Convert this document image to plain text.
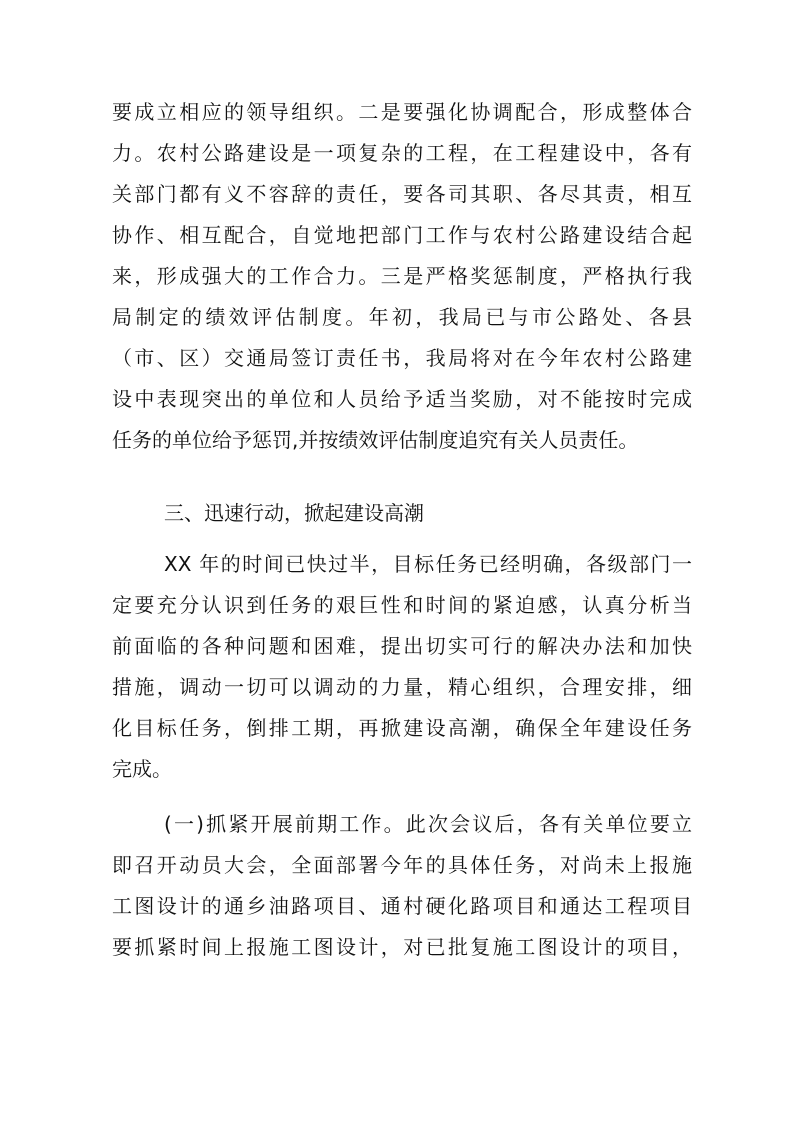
要成立相应的领导组织。二是要强化协调配合，形成整体合
力。农村公路建设是一项复杂的工程，在工程建设中，各有
关部门都有义不容辞的责任，要各司其职、各尽其责，相互
协作、相互配合，自觉地把部门工作与农村公路建设结合起
来，形成强大的工作合力。三是严格奖惩制度，严格执行我
局制定的绩效评估制度。年初，我局已与市公路处、各县
（市、区）交通局签订责任书，我局将对在今年农村公路建
设中表现突出的单位和人员给予适当奖励，对不能按时完成
任务的单位给予惩罚,并按绩效评估制度追究有关人员责任。
三、迅速行动，掀起建设高潮
XX 年的时间已快过半，目标任务已经明确，各级部门一
定要充分认识到任务的艰巨性和时间的紧迫感，认真分析当
前面临的各种问题和困难，提出切实可行的解决办法和加快
措施，调动一切可以调动的力量，精心组织，合理安排，细
化目标任务，倒排工期，再掀建设高潮，确保全年建设任务
完成。
(一)抓紧开展前期工作。此次会议后，各有关单位要立
即召开动员大会，全面部署今年的具体任务，对尚未上报施
工图设计的通乡油路项目、通村硬化路项目和通达工程项目
要抓紧时间上报施工图设计，对已批复施工图设计的项目，
